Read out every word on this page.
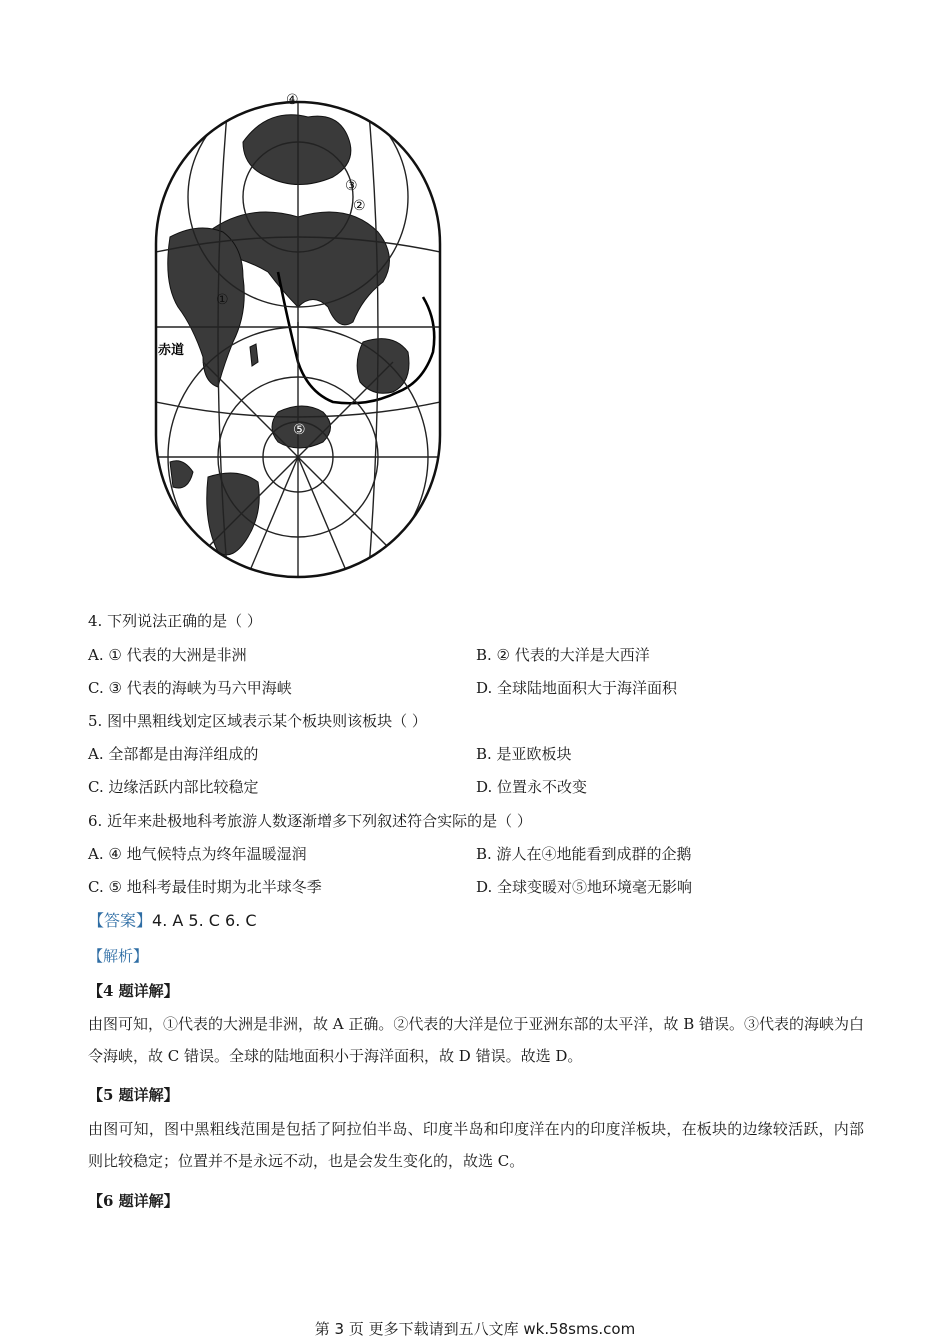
①
②
③
④
⑤
赤道
4. 下列说法正确的是（ ）
A. ① 代表的大洲是非洲	B. ② 代表的大洋是大西洋
C. ③ 代表的海峡为马六甲海峡	D. 全球陆地面积大于海洋面积
5. 图中黑粗线划定区域表示某个板块则该板块（ ）
A. 全部都是由海洋组成的	B. 是亚欧板块
C. 边缘活跃内部比较稳定	D. 位置永不改变
6. 近年来赴极地科考旅游人数逐渐增多下列叙述符合实际的是（ ）
A. ④ 地气候特点为终年温暖湿润	B. 游人在④地能看到成群的企鹅
C. ⑤ 地科考最佳时期为北半球冬季	D. 全球变暖对⑤地环境毫无影响
【答案】4. A 5. C 6. C
【解析】
【4 题详解】
由图可知，①代表的大洲是非洲，故 A 正确。②代表的大洋是位于亚洲东部的太平洋，故 B 错误。③代表的海峡为白令海峡，故 C 错误。全球的陆地面积小于海洋面积，故 D 错误。故选 D。
【5 题详解】
由图可知，图中黑粗线范围是包括了阿拉伯半岛、印度半岛和印度洋在内的印度洋板块，在板块的边缘较活跃，内部则比较稳定；位置并不是永远不动，也是会发生变化的，故选 C。
【6 题详解】
第 3 页 更多下载请到五八文库 wk.58sms.com
